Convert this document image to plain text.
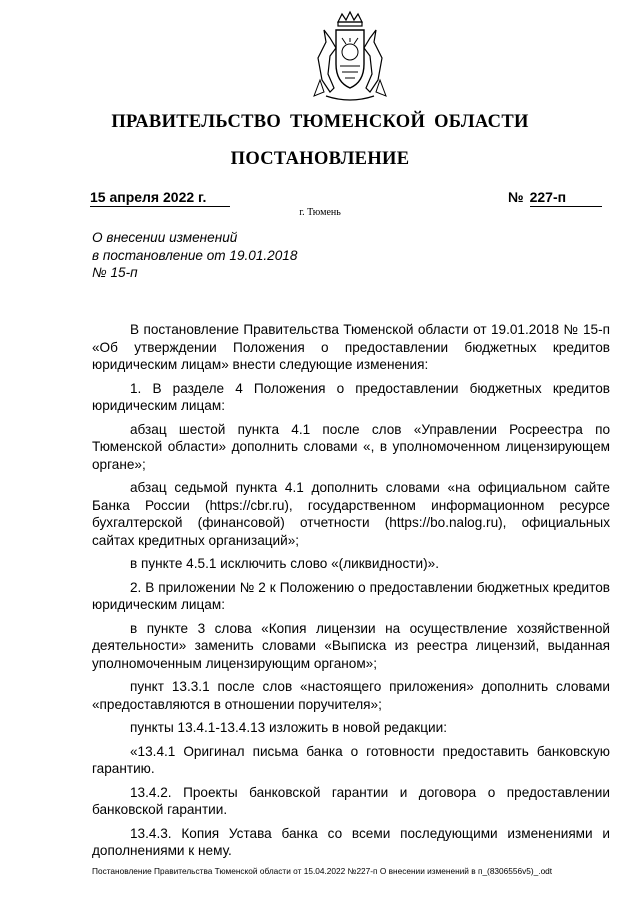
ПРАВИТЕЛЬСТВО ТЮМЕНСКОЙ ОБЛАСТИ
ПОСТАНОВЛЕНИЕ
15 апреля 2022 г.	№ 227-п
г. Тюмень
О внесении изменений
в постановление от 19.01.2018
№ 15-п

В постановление Правительства Тюменской области от 19.01.2018 № 15-п «Об утверждении Положения о предоставлении бюджетных кредитов юридическим лицам» внести следующие изменения:

1. В разделе 4 Положения о предоставлении бюджетных кредитов юридическим лицам:

абзац шестой пункта 4.1 после слов «Управлении Росреестра по Тюменской области» дополнить словами «, в уполномоченном лицензирующем органе»;

абзац седьмой пункта 4.1 дополнить словами «на официальном сайте Банка России (https://cbr.ru), государственном информационном ресурсе бухгалтерской (финансовой) отчетности (https://bo.nalog.ru), официальных сайтах кредитных организаций»;

в пункте 4.5.1 исключить слово «(ликвидности)».

2. В приложении № 2 к Положению о предоставлении бюджетных кредитов юридическим лицам:

в пункте 3 слова «Копия лицензии на осуществление хозяйственной деятельности» заменить словами «Выписка из реестра лицензий, выданная уполномоченным лицензирующим органом»;

пункт 13.3.1 после слов «настоящего приложения» дополнить словами «предоставляются в отношении поручителя»;

пункты 13.4.1-13.4.13 изложить в новой редакции:

«13.4.1 Оригинал письма банка о готовности предоставить банковскую гарантию.

13.4.2. Проекты банковской гарантии и договора о предоставлении банковской гарантии.

13.4.3. Копия Устава банка со всеми последующими изменениями и дополнениями к нему.

Постановление Правительства Тюменской области от 15.04.2022 №227-п О внесении изменений в п_(8306556v5)_.odt
